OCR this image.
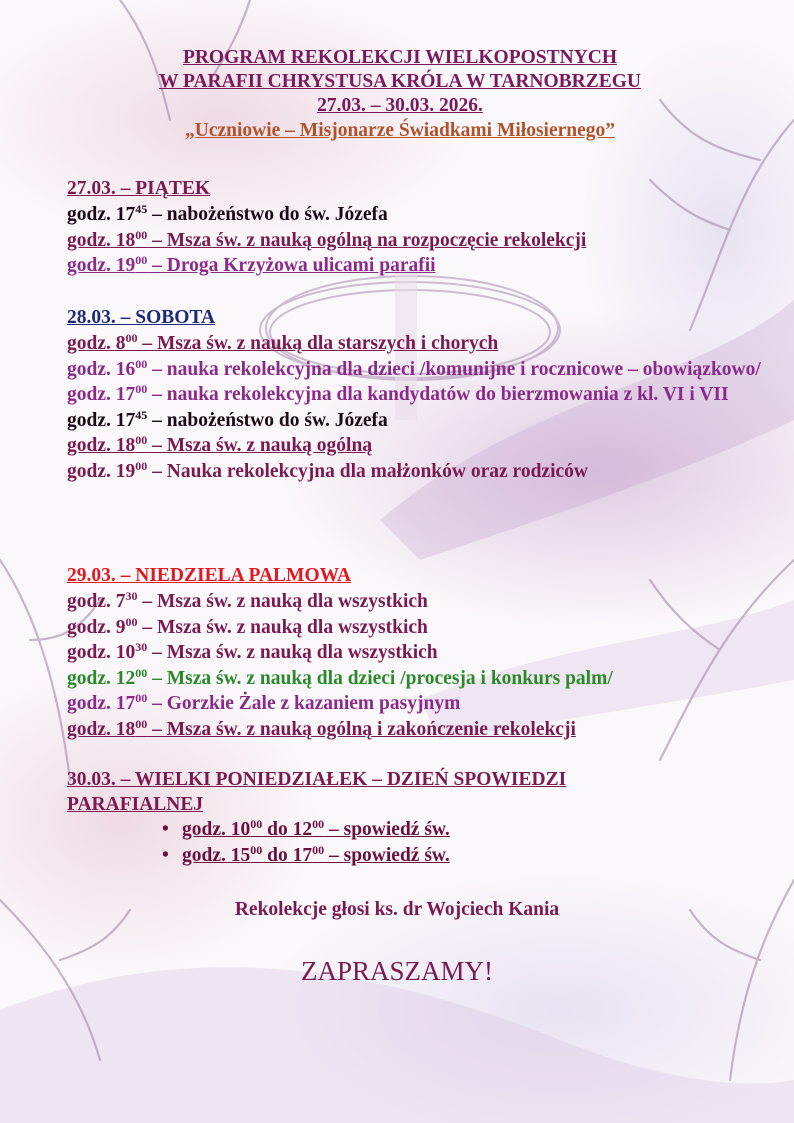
PROGRAM REKOLEKCJI WIELKOPOSTNYCH
W PARAFII CHRYSTUSA KRÓLA W TARNOBRZEGU
27.03. – 30.03. 2026.
„Uczniowie – Misjonarze Świadkami Miłosiernego”
27.03. – PIĄTEK
godz. $17^{45}$ – nabożeństwo do św. Józefa
godz. $18^{00}$ – Msza św. z nauką ogólną na rozpoczęcie rekolekcji
godz. $19^{00}$ – Droga Krzyżowa ulicami parafii
28.03. – SOBOTA
godz. $8^{00}$ – Msza św. z nauką dla starszych i chorych
godz. $16^{00}$ – nauka rekolekcyjna dla dzieci /komunijne i rocznicowe – obowiązkowo/
godz. $17^{00}$ – nauka rekolekcyjna dla kandydatów do bierzmowania z kl. VI i VII
godz. $17^{45}$ – nabożeństwo do św. Józefa
godz. $18^{00}$ – Msza św. z nauką ogólną
godz. $19^{00}$ – Nauka rekolekcyjna dla małżonków oraz rodziców
29.03. – NIEDZIELA PALMOWA
godz. $7^{30}$ – Msza św. z nauką dla wszystkich
godz. $9^{00}$ – Msza św. z nauką dla wszystkich
godz. $10^{30}$ – Msza św. z nauką dla wszystkich
godz. $12^{00}$ – Msza św. z nauką dla dzieci /procesja i konkurs palm/
godz. $17^{00}$ – Gorzkie Żale z kazaniem pasyjnym
godz. $18^{00}$ – Msza św. z nauką ogólną i zakończenie rekolekcji
30.03. – WIELKI PONIEDZIAŁEK – DZIEŃ SPOWIEDZI PARAFIALNEJ
• godz. $10^{00}$ do $12^{00}$ – spowiedź św.
• godz. $15^{00}$ do $17^{00}$ – spowiedź św.
Rekolekcje głosi ks. dr Wojciech Kania
ZAPRASZAMY!
